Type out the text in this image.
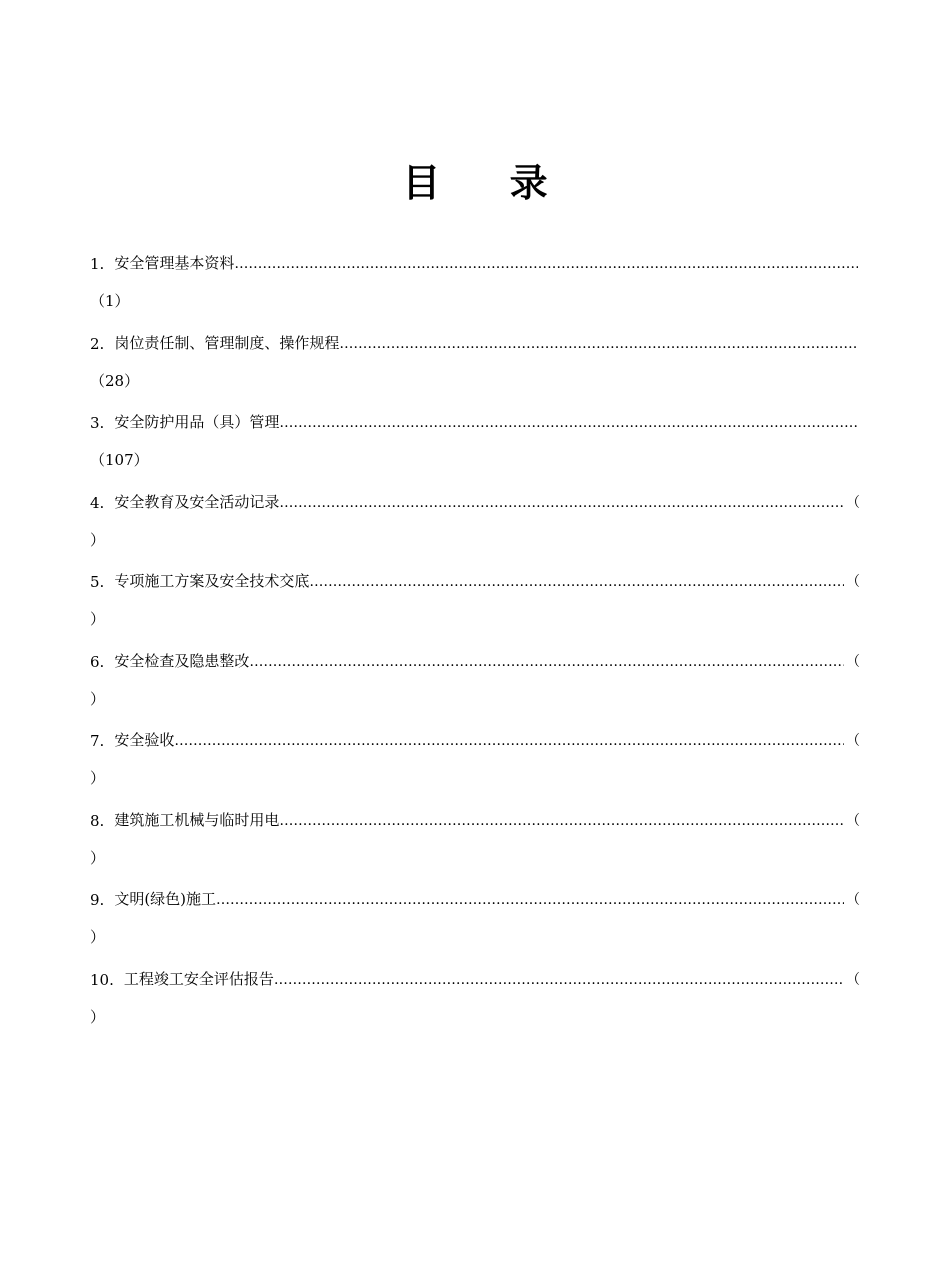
目 录
1. 安全管理基本资料
……………………………………………………………………………………………………………………………………………………………………………………………………………………
（1）
2. 岗位责任制、管理制度、操作规程
……………………………………………………………………………………………………………………………………………………………………………………………………………………
（28）
3. 安全防护用品（具）管理
……………………………………………………………………………………………………………………………………………………………………………………………………………………
（107）
4. 安全教育及安全活动记录 ……………………………………………………………………………………………………………………………………………………………………………………………………………………	（
）
5. 专项施工方案及安全技术交底 ……………………………………………………………………………………………………………………………………………………………………………………………………………………	（
）
6. 安全检查及隐患整改 ……………………………………………………………………………………………………………………………………………………………………………………………………………………	（
）
7. 安全验收 ……………………………………………………………………………………………………………………………………………………………………………………………………………………	（
）
8. 建筑施工机械与临时用电 ……………………………………………………………………………………………………………………………………………………………………………………………………………………	（
）
9. 文明(绿色)施工 ……………………………………………………………………………………………………………………………………………………………………………………………………………………	（
）
10. 工程竣工安全评估报告 ……………………………………………………………………………………………………………………………………………………………………………………………………………………	（
）
